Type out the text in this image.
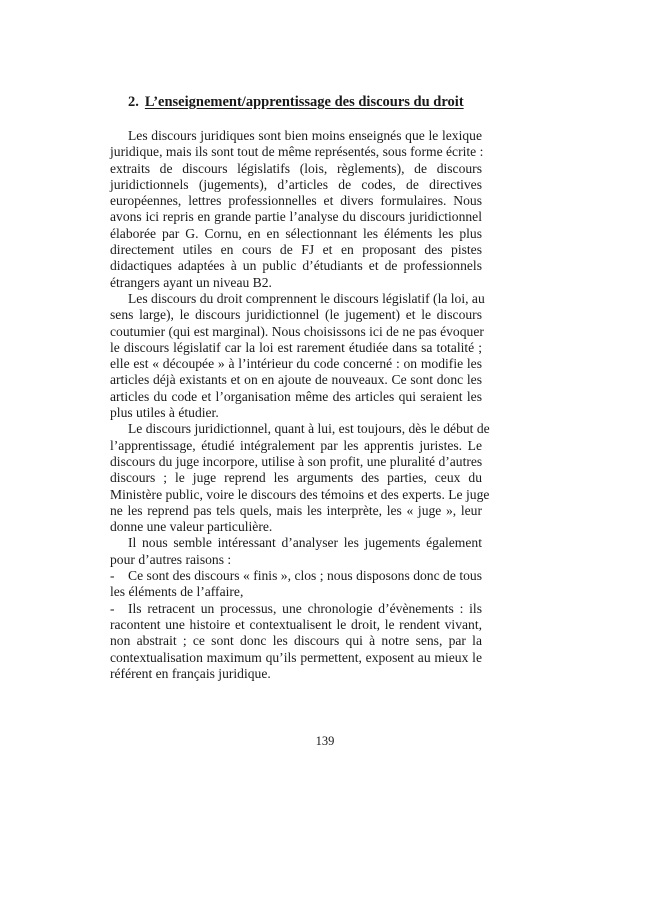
2. L’enseignement/apprentissage des discours du droit
Les discours juridiques sont bien moins enseignés que le lexique
juridique, mais ils sont tout de même représentés, sous forme écrite :
extraits de discours législatifs (lois, règlements), de discours
juridictionnels (jugements), d’articles de codes, de directives
européennes, lettres professionnelles et divers formulaires. Nous
avons ici repris en grande partie l’analyse du discours juridictionnel
élaborée par G. Cornu, en en sélectionnant les éléments les plus
directement utiles en cours de FJ et en proposant des pistes
didactiques adaptées à un public d’étudiants et de professionnels
étrangers ayant un niveau B2.
Les discours du droit comprennent le discours législatif (la loi, au
sens large), le discours juridictionnel (le jugement) et le discours
coutumier (qui est marginal). Nous choisissons ici de ne pas évoquer
le discours législatif car la loi est rarement étudiée dans sa totalité ;
elle est « découpée » à l’intérieur du code concerné : on modifie les
articles déjà existants et on en ajoute de nouveaux. Ce sont donc les
articles du code et l’organisation même des articles qui seraient les
plus utiles à étudier.
Le discours juridictionnel, quant à lui, est toujours, dès le début de
l’apprentissage, étudié intégralement par les apprentis juristes. Le
discours du juge incorpore, utilise à son profit, une pluralité d’autres
discours ; le juge reprend les arguments des parties, ceux du
Ministère public, voire le discours des témoins et des experts. Le juge
ne les reprend pas tels quels, mais les interprète, les « juge », leur
donne une valeur particulière.
Il nous semble intéressant d’analyser les jugements également
pour d’autres raisons :
- Ce sont des discours « finis », clos ; nous disposons donc de tous
les éléments de l’affaire,
- Ils retracent un processus, une chronologie d’évènements : ils
racontent une histoire et contextualisent le droit, le rendent vivant,
non abstrait ; ce sont donc les discours qui à notre sens, par la
contextualisation maximum qu’ils permettent, exposent au mieux le
référent en français juridique.
139
